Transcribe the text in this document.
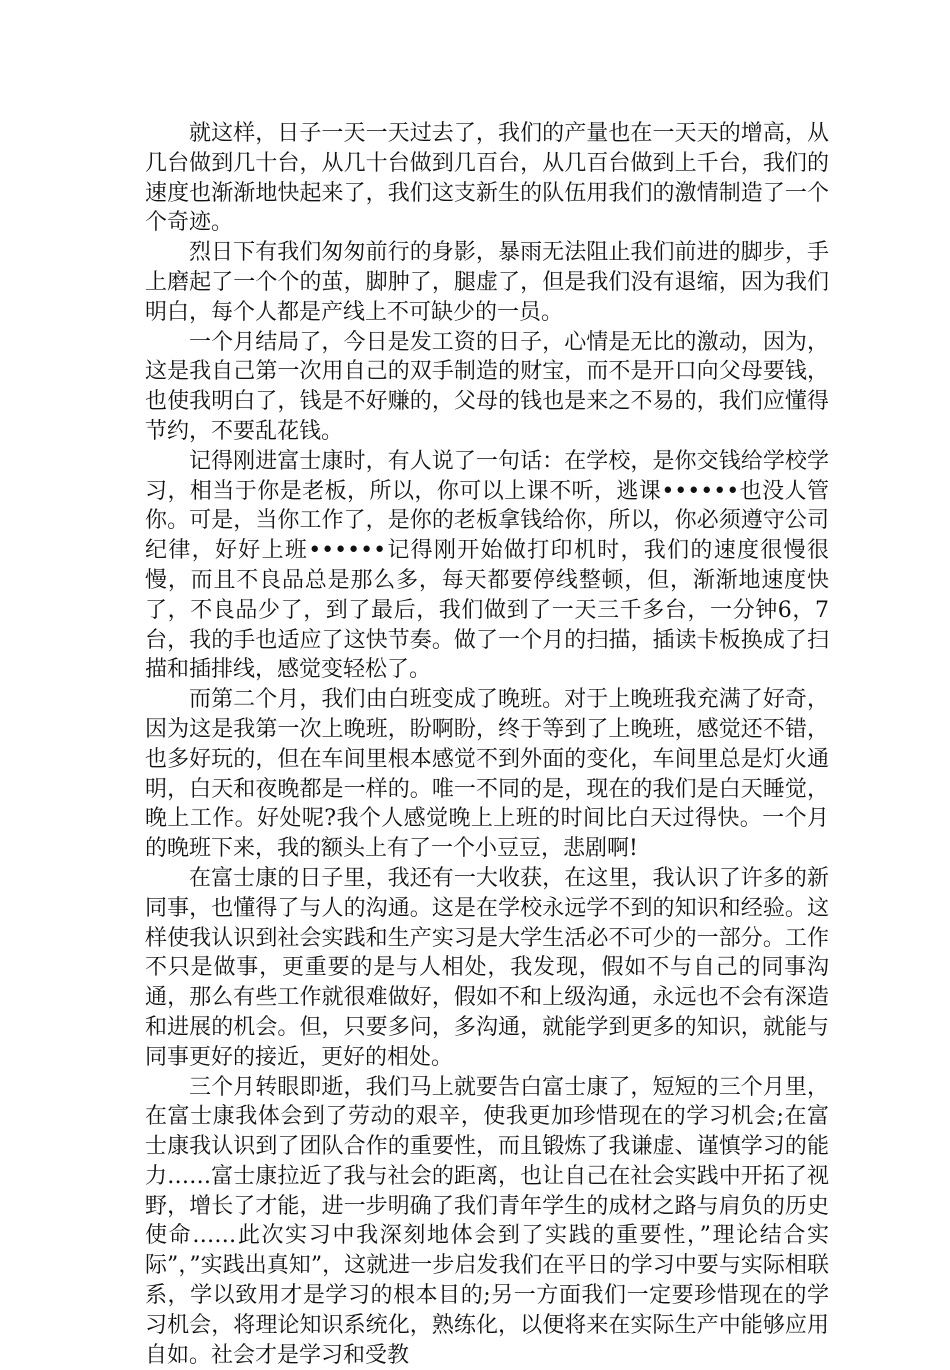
就这样，日子一天一天过去了，我们的产量也在一天天的增高，从几台做到几十台，从几十台做到几百台，从几百台做到上千台，我们的速度也渐渐地快起来了，我们这支新生的队伍用我们的激情制造了一个个奇迹。

烈日下有我们匆匆前行的身影，暴雨无法阻止我们前进的脚步，手上磨起了一个个的茧，脚肿了，腿虚了，但是我们没有退缩，因为我们明白，每个人都是产线上不可缺少的一员。

一个月结局了，今日是发工资的日子，心情是无比的激动，因为，这是我自己第一次用自己的双手制造的财宝，而不是开口向父母要钱，也使我明白了，钱是不好赚的，父母的钱也是来之不易的，我们应懂得节约，不要乱花钱。

记得刚进富士康时，有人说了一句话：在学校，是你交钱给学校学习，相当于你是老板，所以，你可以上课不听，逃课••••••也没人管你。可是，当你工作了，是你的老板拿钱给你，所以，你必须遵守公司纪律，好好上班••••••记得刚开始做打印机时，我们的速度很慢很慢，而且不良品总是那么多，每天都要停线整顿，但，渐渐地速度快了，不良品少了，到了最后，我们做到了一天三千多台，一分钟6，7台，我的手也适应了这快节奏。做了一个月的扫描，插读卡板换成了扫描和插排线，感觉变轻松了。

而第二个月，我们由白班变成了晚班。对于上晚班我充满了好奇，因为这是我第一次上晚班，盼啊盼，终于等到了上晚班，感觉还不错，也多好玩的，但在车间里根本感觉不到外面的变化，车间里总是灯火通明，白天和夜晚都是一样的。唯一不同的是，现在的我们是白天睡觉，晚上工作。好处呢?我个人感觉晚上上班的时间比白天过得快。一个月的晚班下来，我的额头上有了一个小豆豆，悲剧啊!

在富士康的日子里，我还有一大收获，在这里，我认识了许多的新同事，也懂得了与人的沟通。这是在学校永远学不到的知识和经验。这样使我认识到社会实践和生产实习是大学生活必不可少的一部分。工作不只是做事，更重要的是与人相处，我发现，假如不与自己的同事沟通，那么有些工作就很难做好，假如不和上级沟通，永远也不会有深造和进展的机会。但，只要多问，多沟通，就能学到更多的知识，就能与同事更好的接近，更好的相处。

三个月转眼即逝，我们马上就要告白富士康了，短短的三个月里，在富士康我体会到了劳动的艰辛，使我更加珍惜现在的学习机会;在富士康我认识到了团队合作的重要性，而且锻炼了我谦虚、谨慎学习的能力……富士康拉近了我与社会的距离，也让自己在社会实践中开拓了视野，增长了才能，进一步明确了我们青年学生的成材之路与肩负的历史使命……此次实习中我深刻地体会到了实践的重要性，”理论结合实际”，”实践出真知”，这就进一步启发我们在平日的学习中要与实际相联系，学以致用才是学习的根本目的;另一方面我们一定要珍惜现在的学习机会，将理论知识系统化，熟练化，以便将来在实际生产中能够应用自如。社会才是学习和受教
